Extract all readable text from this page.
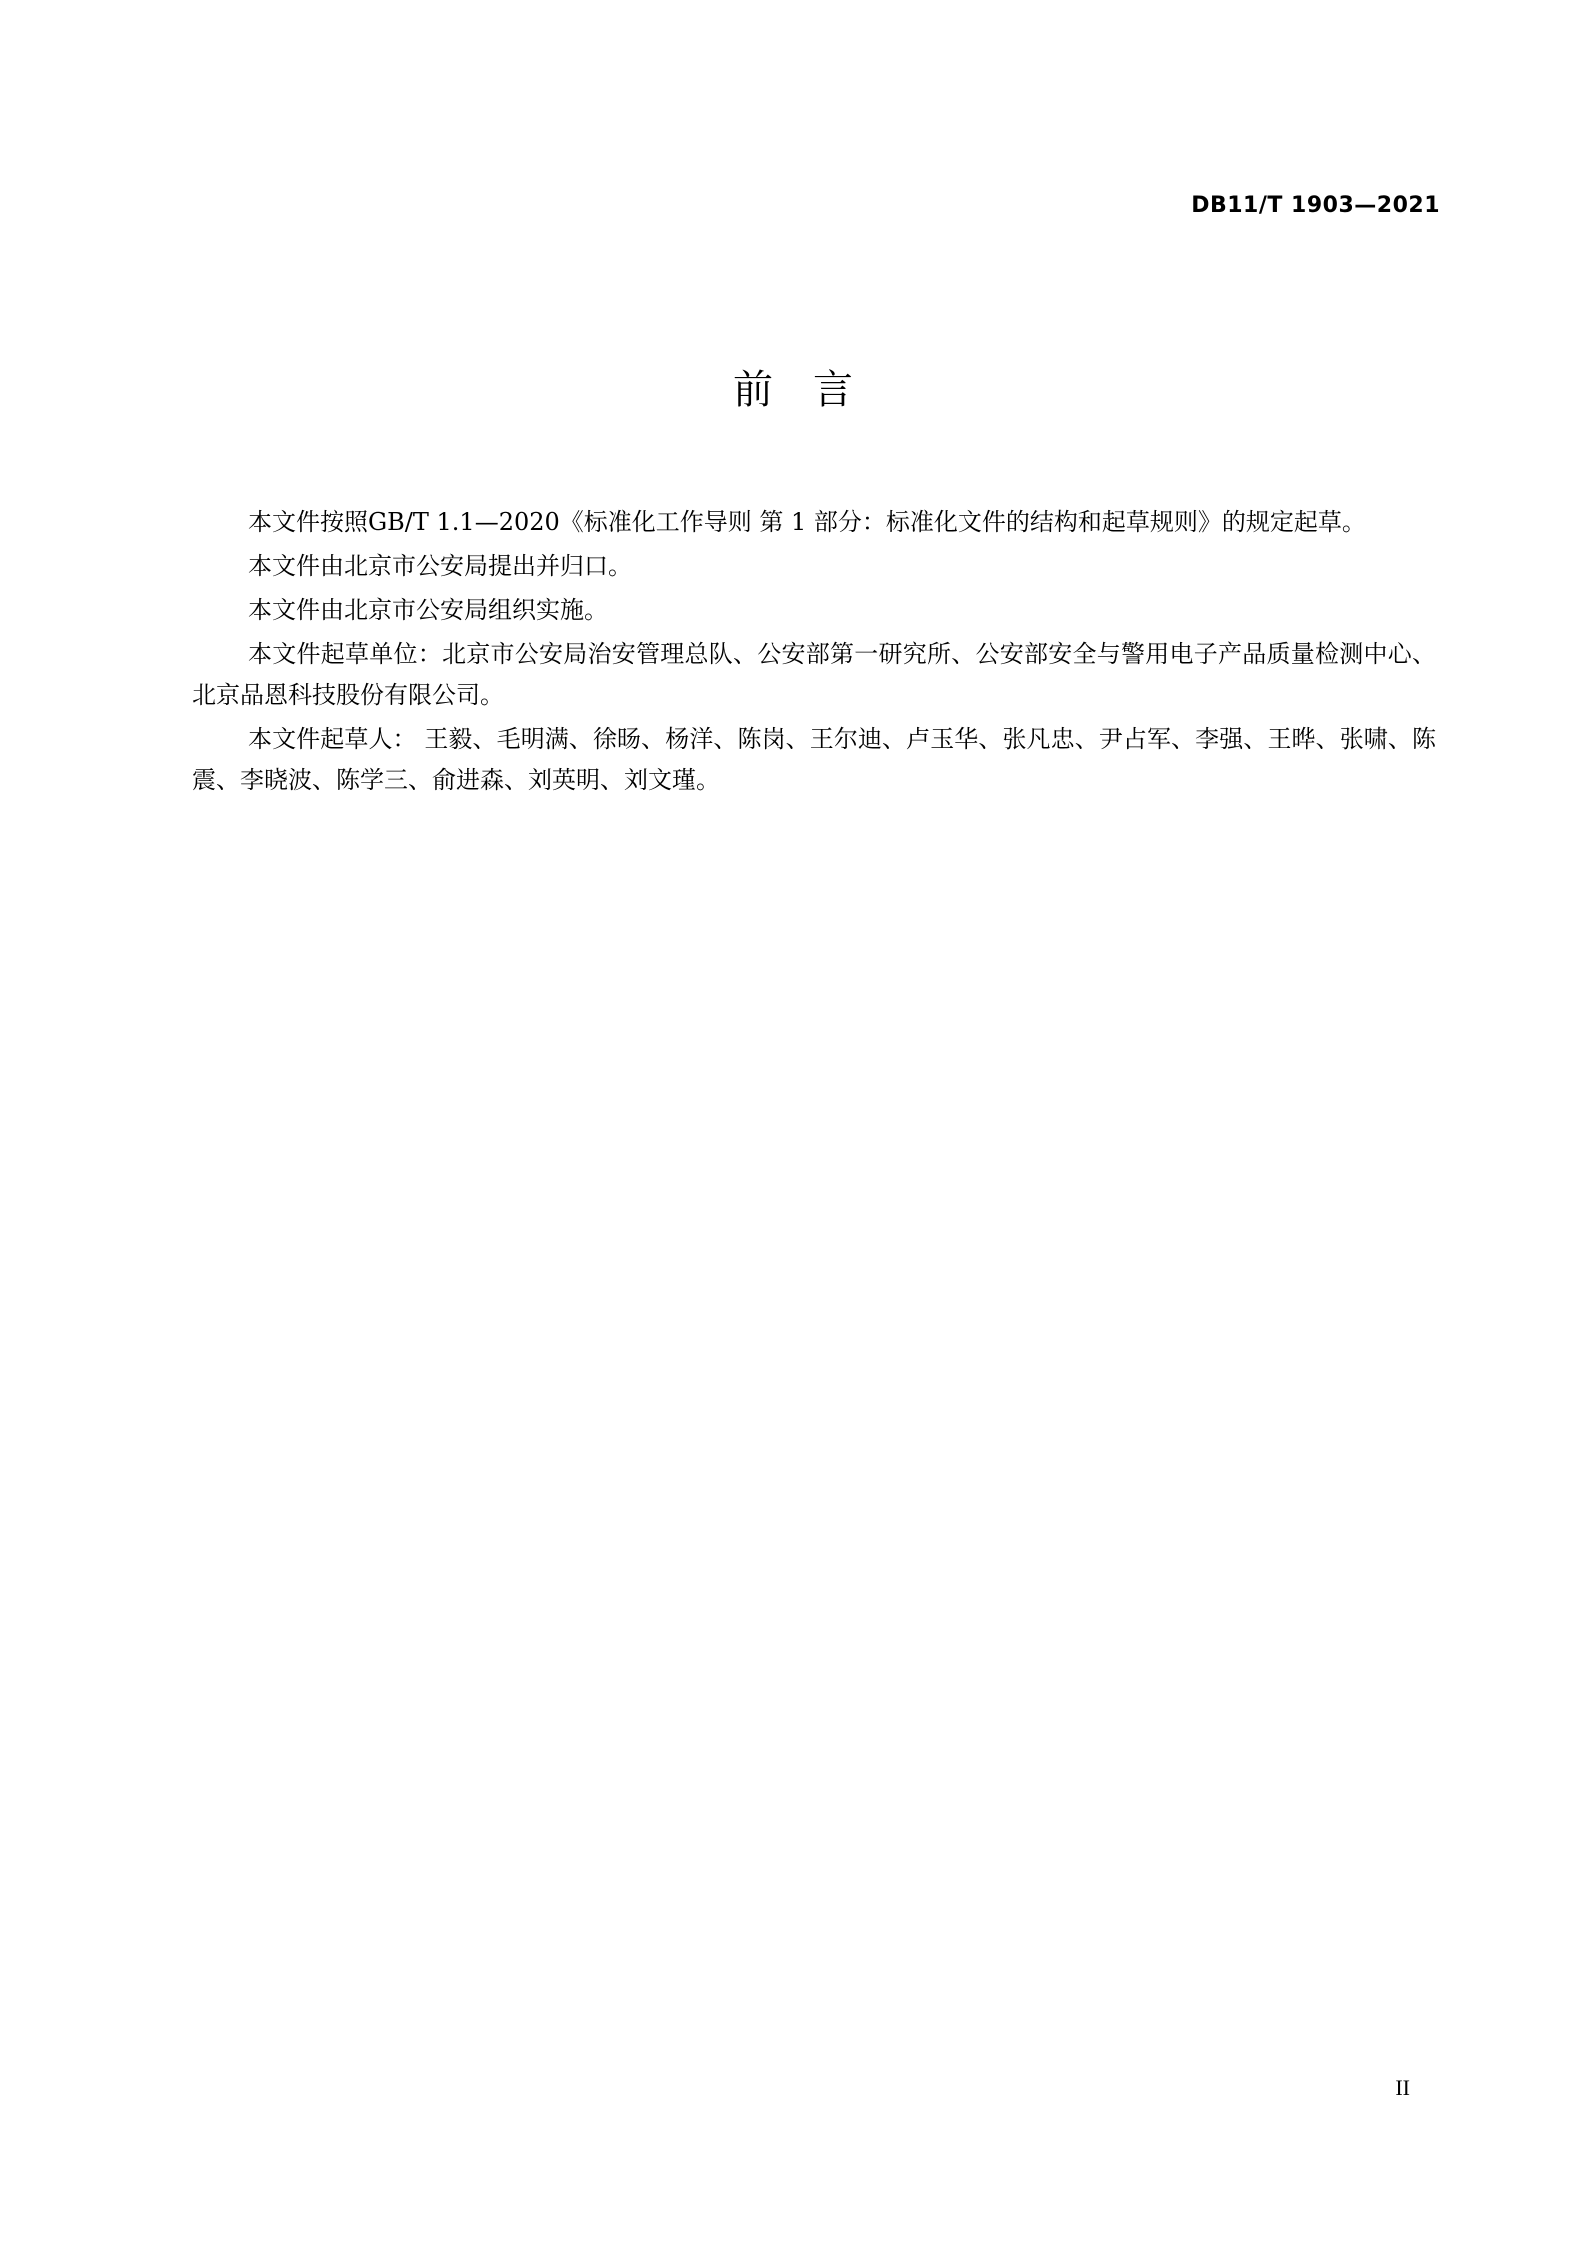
DB11/T 1903—2021
前言

本文件按照GB/T 1.1—2020《标准化工作导则 第 1 部分：标准化文件的结构和起草规则》的规定起草。

本文件由北京市公安局提出并归口。

本文件由北京市公安局组织实施。

本文件起草单位：北京市公安局治安管理总队、公安部第一研究所、公安部安全与警用电子产品质量检测中心、北京品恩科技股份有限公司。

本文件起草人： 王毅、毛明满、徐旸、杨洋、陈岗、王尔迪、卢玉华、张凡忠、尹占军、李强、王晔、张啸、陈震、李晓波、陈学三、俞进森、刘英明、刘文瑾。

II
